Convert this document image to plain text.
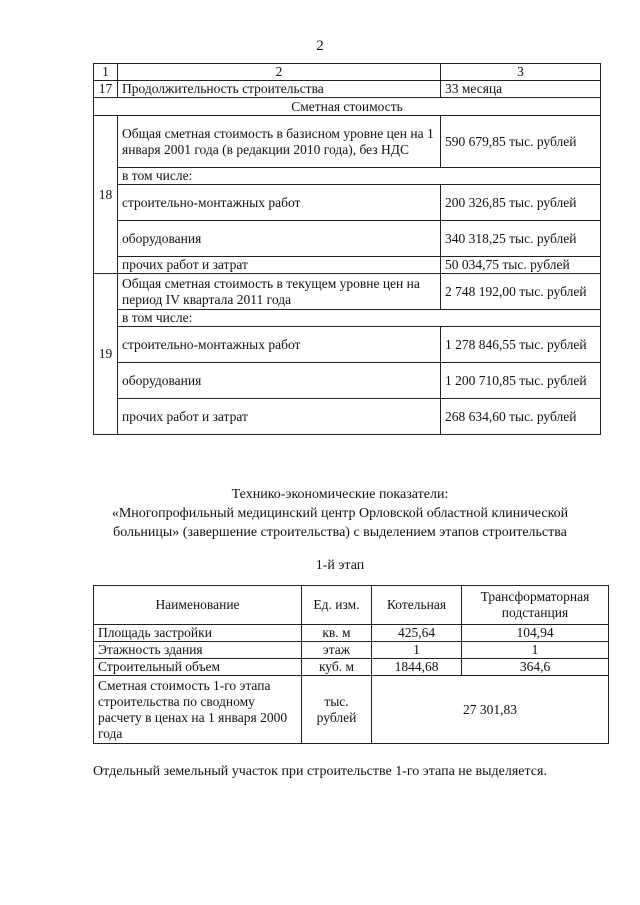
2
1	2	3
17	Продолжительность строительства	33 месяца
Сметная стоимость		
18	Общая сметная стоимость в базисном уровне цен на 1 января 2001 года (в редакции 2010 года), без НДС	590 679,85 тыс. рублей
	в том числе:	
	строительно-монтажных работ	200 326,85 тыс. рублей
	оборудования	340 318,25 тыс. рублей
	прочих работ и затрат	50 034,75 тыс. рублей
19	Общая сметная стоимость в текущем уровне цен на период IV квартала 2011 года	2 748 192,00 тыс. рублей
	в том числе:	
	строительно-монтажных работ	1 278 846,55 тыс. рублей
	оборудования	1 200 710,85 тыс. рублей
	прочих работ и затрат	268 634,60 тыс. рублей
Технико-экономические показатели:
«Многопрофильный медицинский центр Орловской областной клинической больницы» (завершение строительства) с выделением этапов строительства
1-й этап
Наименование	Ед. изм.	Котельная	Трансформаторная подстанция
Площадь застройки	кв. м	425,64	104,94
Этажность здания	этаж	1	1
Строительный объем	куб. м	1844,68	364,6
Сметная стоимость 1-го этапа строительства по сводному расчету в ценах на 1 января 2000 года	тыс. рублей	27 301,83	
Отдельный земельный участок при строительстве 1-го этапа не выделяется.
